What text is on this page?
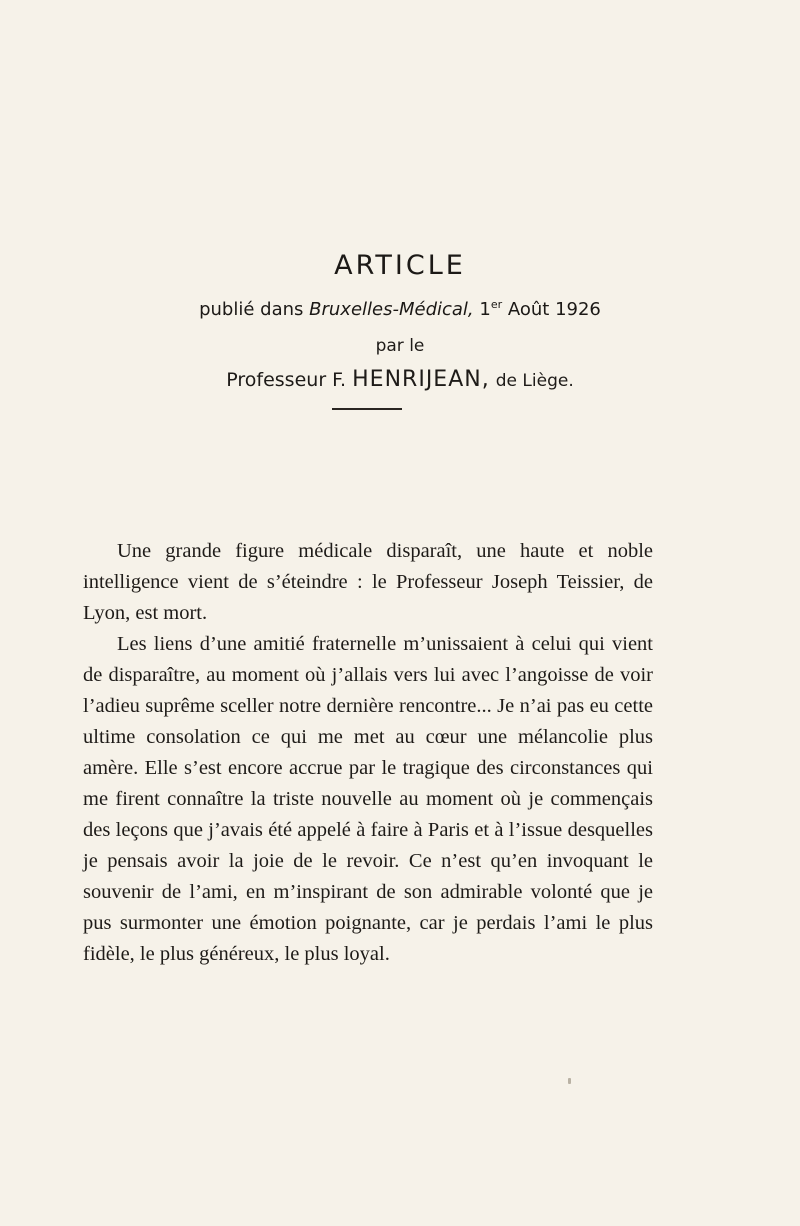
ARTICLE
publié dans Bruxelles-Médical, 1er Août 1926
par le
Professeur F. HENRIJEAN, de Liège.

Une grande figure médicale disparaît, une haute et noble intelligence vient de s’éteindre : le Professeur Joseph Teissier, de Lyon, est mort.

Les liens d’une amitié fraternelle m’unissaient à celui qui vient de disparaître, au moment où j’allais vers lui avec l’angoisse de voir l’adieu suprême sceller notre dernière rencontre... Je n’ai pas eu cette ultime consolation ce qui me met au cœur une mélancolie plus amère. Elle s’est encore accrue par le tragique des circonstances qui me firent connaître la triste nouvelle au moment où je commençais des leçons que j’avais été appelé à faire à Paris et à l’issue desquelles je pensais avoir la joie de le revoir. Ce n’est qu’en invoquant le souvenir de l’ami, en m’inspirant de son admirable volonté que je pus surmonter une émotion poignante, car je perdais l’ami le plus fidèle, le plus généreux, le plus loyal.
